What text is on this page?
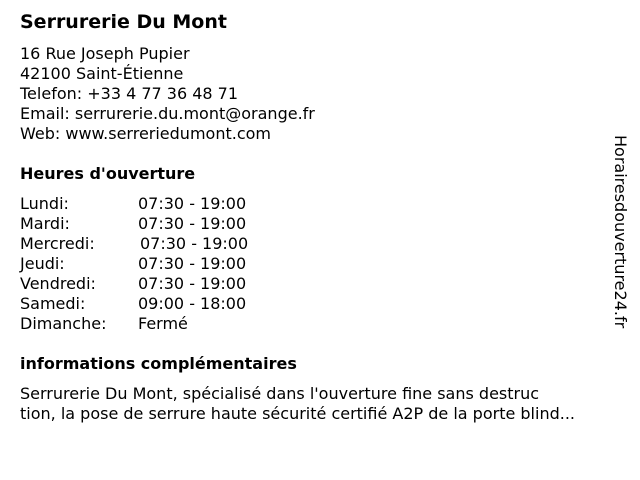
Serrurerie Du Mont
16 Rue Joseph Pupier
42100 Saint-Étienne
Telefon: +33 4 77 36 48 71
Email: serrurerie.du.mont@orange.fr
Web: www.serreriedumont.com
Heures d'ouverture
Lundi:	07:30 - 19:00
Mardi:	07:30 - 19:00
Mercredi:	07:30 - 19:00
Jeudi:	07:30 - 19:00
Vendredi:	07:30 - 19:00
Samedi:	09:00 - 18:00
Dimanche: Fermé
informations complémentaires
Serrurerie Du Mont, spécialisé dans l'ouverture fine sans destruc
tion, la pose de serrure haute sécurité certifié A2P de la porte blind...
Horairesdouverture24.fr
